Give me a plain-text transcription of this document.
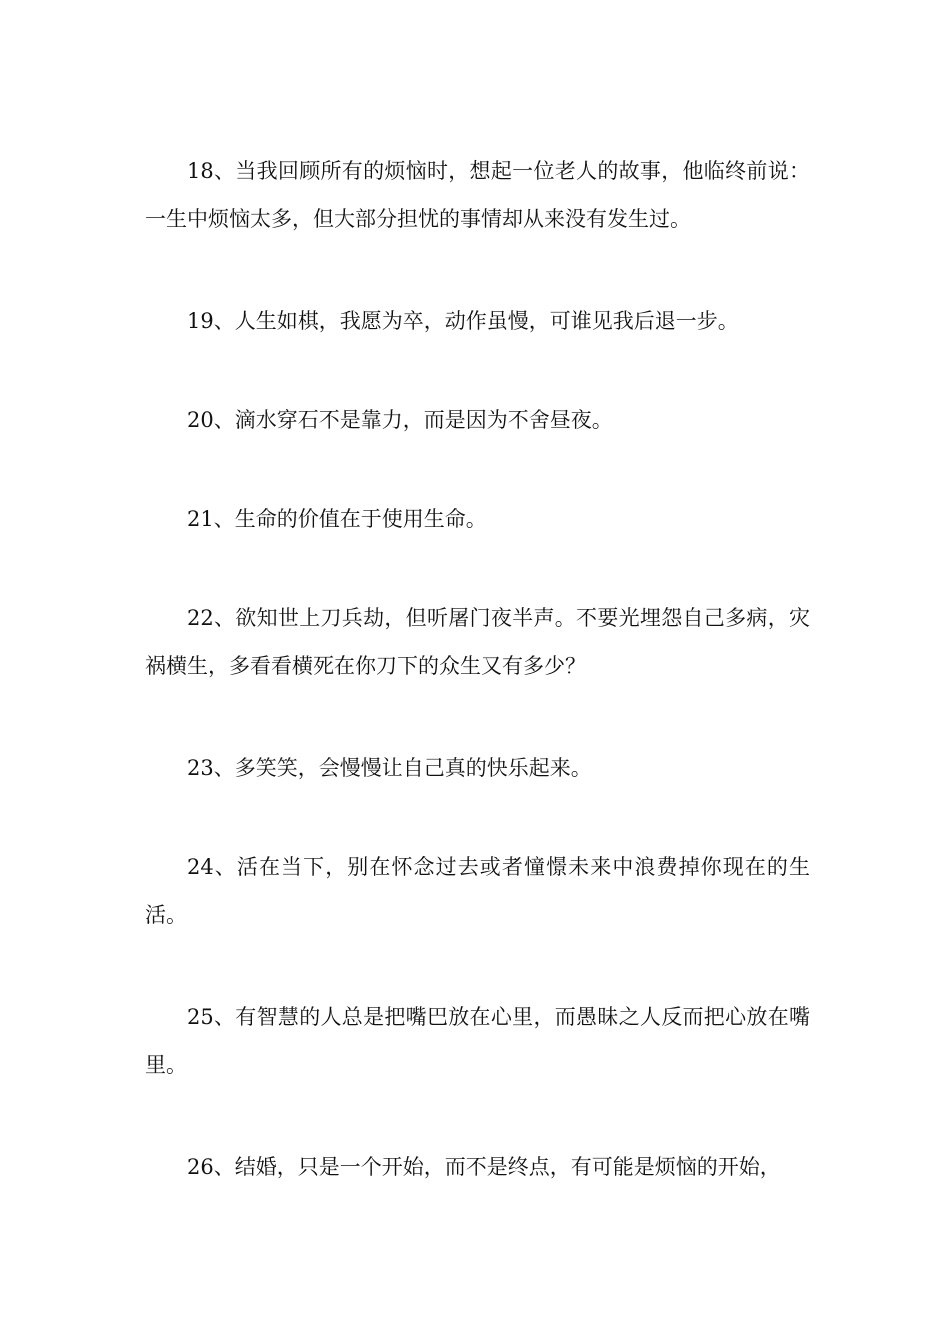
18、当我回顾所有的烦恼时，想起一位老人的故事，他临终前说：一生中烦恼太多，但大部分担忧的事情却从来没有发生过。

19、人生如棋，我愿为卒，动作虽慢，可谁见我后退一步。

20、滴水穿石不是靠力，而是因为不舍昼夜。

21、生命的价值在于使用生命。

22、欲知世上刀兵劫，但听屠门夜半声。不要光埋怨自己多病，灾祸横生，多看看横死在你刀下的众生又有多少？

23、多笑笑，会慢慢让自己真的快乐起来。

24、活在当下，别在怀念过去或者憧憬未来中浪费掉你现在的生活。

25、有智慧的人总是把嘴巴放在心里，而愚昧之人反而把心放在嘴里。

26、结婚，只是一个开始，而不是终点，有可能是烦恼的开始，
